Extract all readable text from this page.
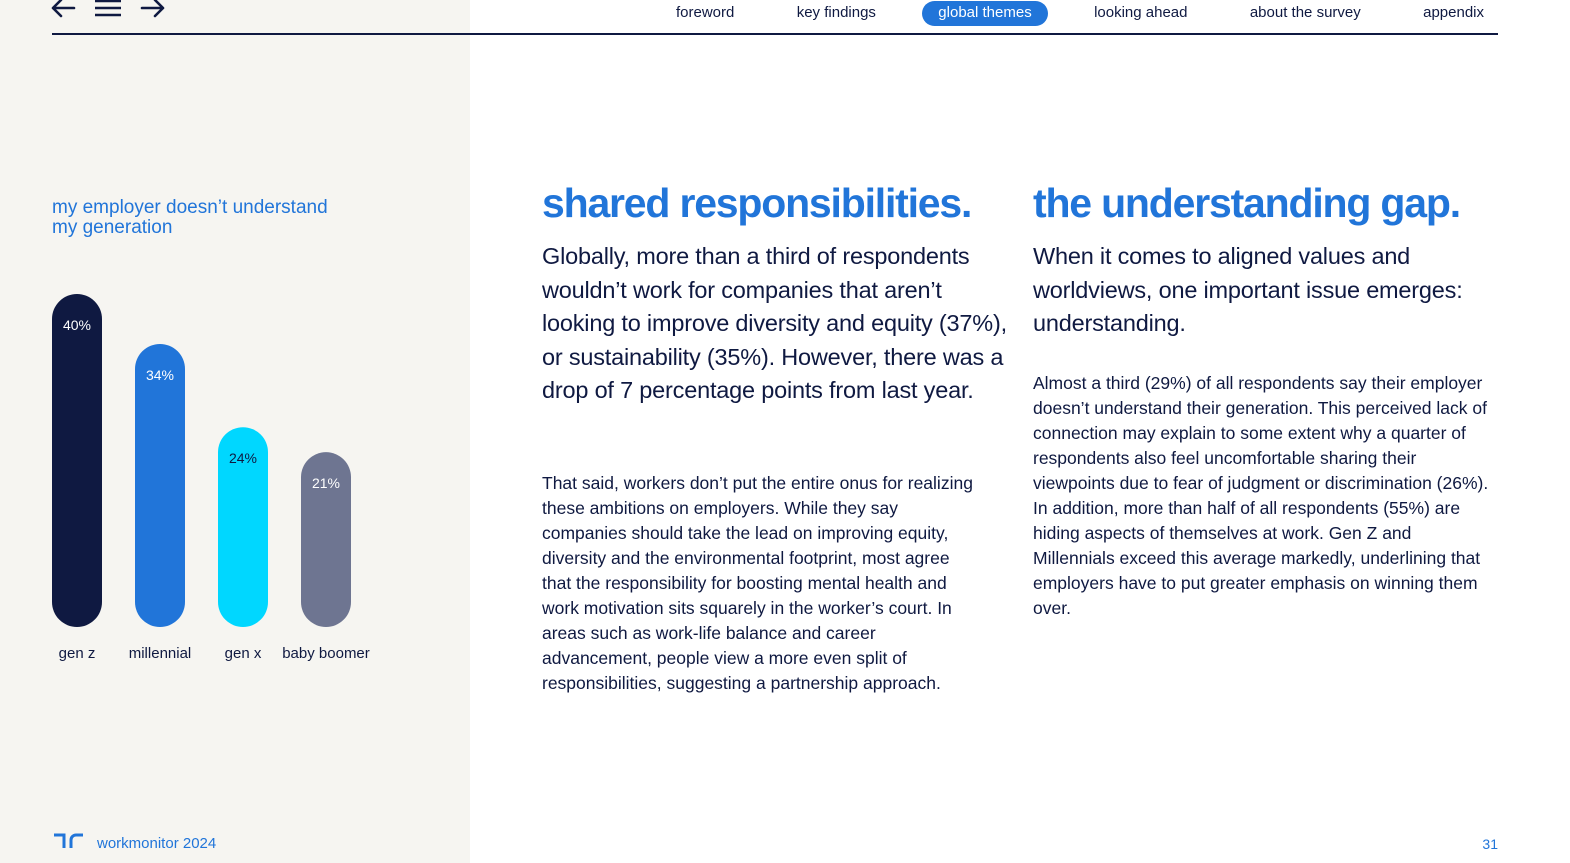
foreword	key findings	global themes	looking ahead	about the survey	appendix
my employer doesn’t understand my generation
40%
gen z
34%
millennial
24%
gen x
21%
baby boomer
shared responsibilities.

Globally, more than a third of respondents wouldn’t work for companies that aren’t looking to improve diversity and equity (37%), or sustainability (35%). However, there was a drop of 7 percentage points from last year.

That said, workers don’t put the entire onus for realizing these ambitions on employers. While they say companies should take the lead on improving equity, diversity and the environmental footprint, most agree that the responsibility for boosting mental health and work motivation sits squarely in the worker’s court. In areas such as work-life balance and career advancement, people view a more even split of responsibilities, suggesting a partnership approach.

the understanding gap.

When it comes to aligned values and worldviews, one important issue emerges: understanding.

Almost a third (29%) of all respondents say their employer doesn’t understand their generation. This perceived lack of connection may explain to some extent why a quarter of respondents also feel uncomfortable sharing their viewpoints due to fear of judgment or discrimination (26%). In addition, more than half of all respondents (55%) are hiding aspects of themselves at work. Gen Z and Millennials exceed this average markedly, underlining that employers have to put greater emphasis on winning them over.

workmonitor 2024	31
